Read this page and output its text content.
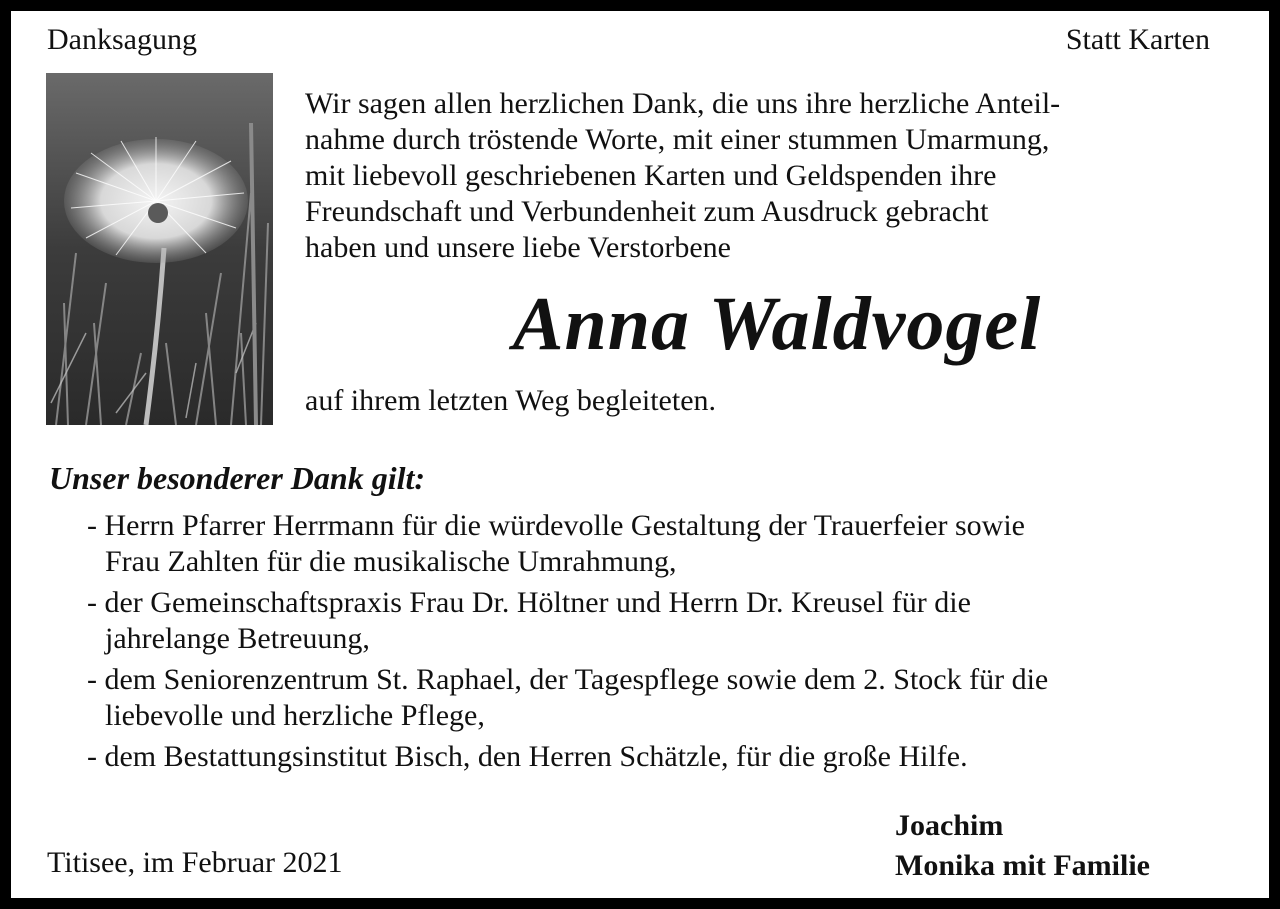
Danksagung	Statt Karten
Wir sagen allen herzlichen Dank, die uns ihre herzliche Anteil-
nahme durch tröstende Worte, mit einer stummen Umarmung,
mit liebevoll geschriebenen Karten und Geldspenden ihre
Freundschaft und Verbundenheit zum Ausdruck gebracht
haben und unsere liebe Verstorbene
Anna Waldvogel
auf ihrem letzten Weg begleiteten.
Unser besonderer Dank gilt:
- Herrn Pfarrer Herrmann für die würdevolle Gestaltung der Trauerfeier sowie
Frau Zahlten für die musikalische Umrahmung,
- der Gemeinschaftspraxis Frau Dr. Höltner und Herrn Dr. Kreusel für die
jahrelange Betreuung,
- dem Seniorenzentrum St. Raphael, der Tagespflege sowie dem 2. Stock für die
liebevolle und herzliche Pflege,
- dem Bestattungsinstitut Bisch, den Herren Schätzle, für die große Hilfe.
Titisee, im Februar 2021
Joachim
Monika mit Familie
